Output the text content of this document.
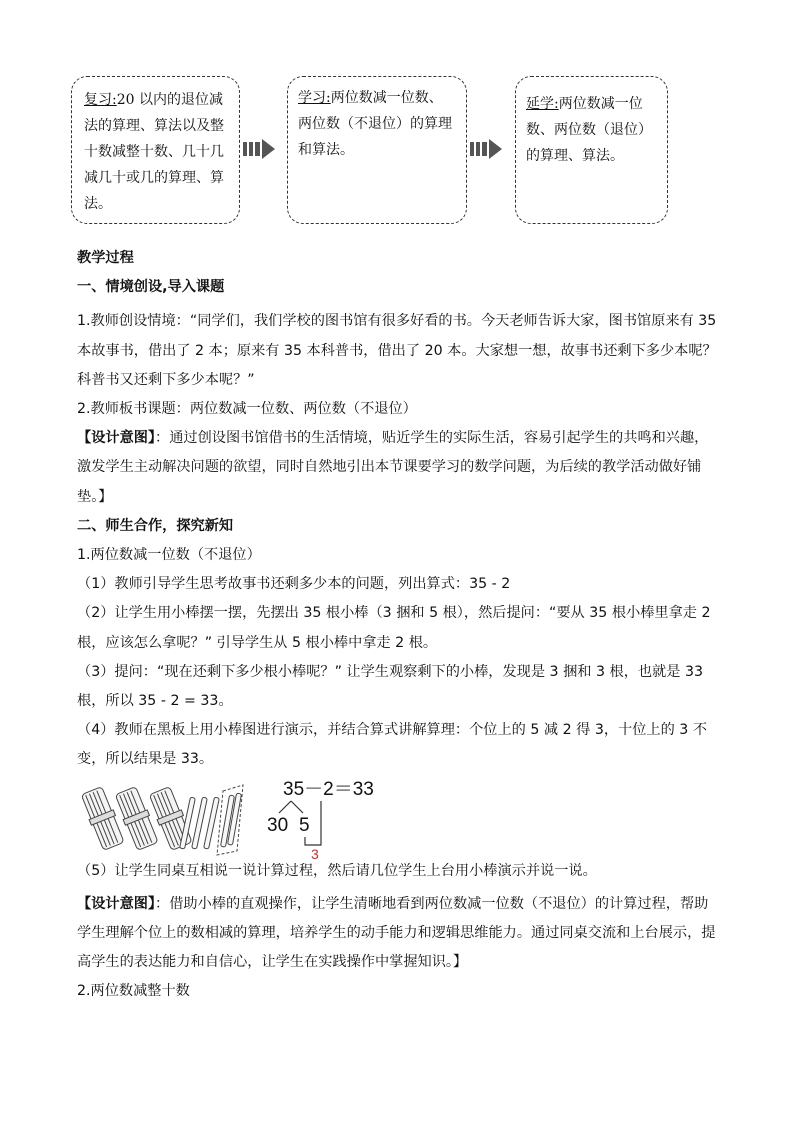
复习:20 以内的退位减法的算理、算法以及整十数减整十数、几十几减几十或几的算理、算法。
学习:两位数减一位数、两位数（不退位）的算理和算法。
延学:两位数减一位数、两位数（退位）的算理、算法。

教学过程

一、情境创设,导入课题

1.教师创设情境：“同学们，我们学校的图书馆有很多好看的书。今天老师告诉大家，图书馆原来有 35 本故事书，借出了 2 本；原来有 35 本科普书，借出了 20 本。大家想一想，故事书还剩下多少本呢？科普书又还剩下多少本呢？”

2.教师板书课题：两位数减一位数、两位数（不退位）

【设计意图】：通过创设图书馆借书的生活情境，贴近学生的实际生活，容易引起学生的共鸣和兴趣，激发学生主动解决问题的欲望，同时自然地引出本节课要学习的数学问题，为后续的教学活动做好铺垫。】

二、师生合作，探究新知

1.两位数减一位数（不退位）

（1）教师引导学生思考故事书还剩多少本的问题，列出算式：35 - 2

（2）让学生用小棒摆一摆，先摆出 35 根小棒（3 捆和 5 根），然后提问：“要从 35 根小棒里拿走 2 根，应该怎么拿呢？” 引导学生从 5 根小棒中拿走 2 根。

（3）提问：“现在还剩下多少根小棒呢？” 让学生观察剩下的小棒，发现是 3 捆和 3 根，也就是 33 根，所以 35 - 2 = 33。

（4）教师在黑板上用小棒图进行演示，并结合算式讲解算理：个位上的 5 减 2 得 3，十位上的 3 不变，所以结果是 33。

35－2＝33
30 5
3

（5）让学生同桌互相说一说计算过程，然后请几位学生上台用小棒演示并说一说。

【设计意图】：借助小棒的直观操作，让学生清晰地看到两位数减一位数（不退位）的计算过程，帮助学生理解个位上的数相减的算理，培养学生的动手能力和逻辑思维能力。通过同桌交流和上台展示，提高学生的表达能力和自信心，让学生在实践操作中掌握知识。】

2.两位数减整十数
